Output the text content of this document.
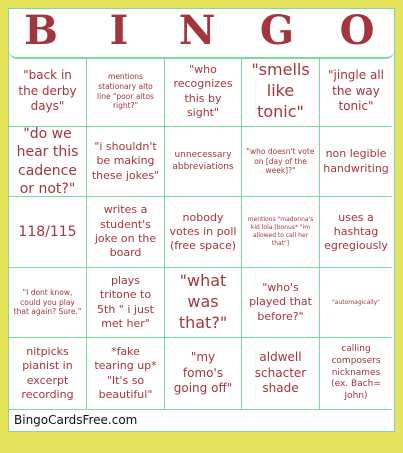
B I N G O
"back in the derby days"
mentions stationary alto line "poor altos right?"
"who recognizes this by sight"
"smells like tonic"
"jingle all the way tonic"
"do we hear this cadence or not?"
"i shouldn't be making these jokes"
unnecessary abbreviations
"who doesn't vote on [day of the week]?"
non legible handwriting
118/115
writes a student's joke on the board
nobody votes in poll (free space)
mentions "madonna's kid lola [bonus* "im allowed to call her that"]
uses a hashtag egregiously
"I dont know, could you play that again? Sure."
plays tritone to 5th " i just met her"
"what was that?"
"who's played that before?"
"automagically"
nitpicks pianist in excerpt recording
*fake tearing up* "It's so beautiful"
"my fomo's going off"
aldwell schacter shade
calling composers nicknames (ex. Bach= John)
BingoCardsFree.com
